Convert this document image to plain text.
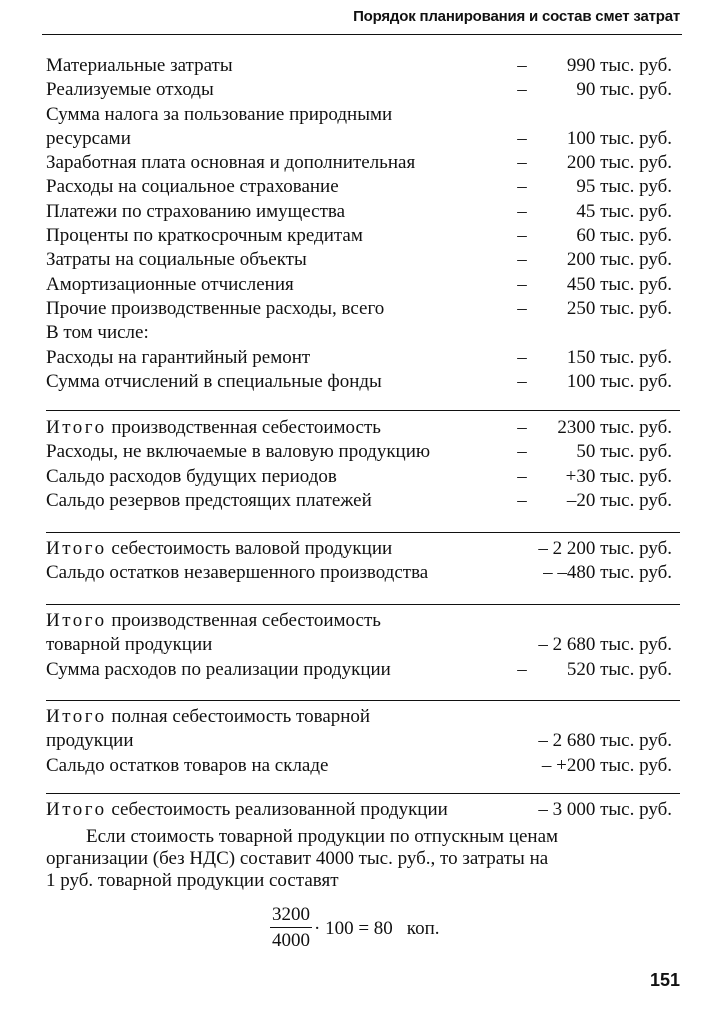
Порядок планирования и состав смет затрат
Материальные затраты	– 990 тыс. руб.
Реализуемые отходы	–	90 тыс. руб.
Сумма налога за пользование природными
ресурсами	– 100 тыс. руб.
Заработная плата основная и дополнительная	– 200 тыс. руб.
Расходы на социальное страхование	–	95 тыс. руб.
Платежи по страхованию имущества	–	45 тыс. руб.
Проценты по краткосрочным кредитам	–	60 тыс. руб.
Затраты на социальные объекты	– 200 тыс. руб.
Амортизационные отчисления	– 450 тыс. руб.
Прочие производственные расходы, всего	– 250 тыс. руб.
В том числе:
Расходы на гарантийный ремонт	– 150 тыс. руб.
Сумма отчислений в специальные фонды	– 100 тыс. руб.
Итого производственная себестоимость	– 2300 тыс. руб.
Расходы, не включаемые в валовую продукцию	–	50 тыс. руб.
Сальдо расходов будущих периодов	– +30 тыс. руб.
Сальдо резервов предстоящих платежей	– –20 тыс. руб.
Итого себестоимость валовой продукции	– 2 200 тыс. руб.
Сальдо остатков незавершенного производства	– –480 тыс. руб.
Итого производственная себестоимость
товарной продукции	– 2 680 тыс. руб.
Сумма расходов по реализации продукции	– 520 тыс. руб.
Итого полная себестоимость товарной
продукции	– 2 680 тыс. руб.
Сальдо остатков товаров на складе	– +200 тыс. руб.
Итого себестоимость реализованной продукции	– 3 000 тыс. руб.
Если стоимость товарной продукции по отпускным ценам
организации (без НДС) составит 4000 тыс. руб., то затраты на
1 руб. товарной продукции составят
$\frac{3200}{4000} \cdot 100 = 80$ коп.
151
